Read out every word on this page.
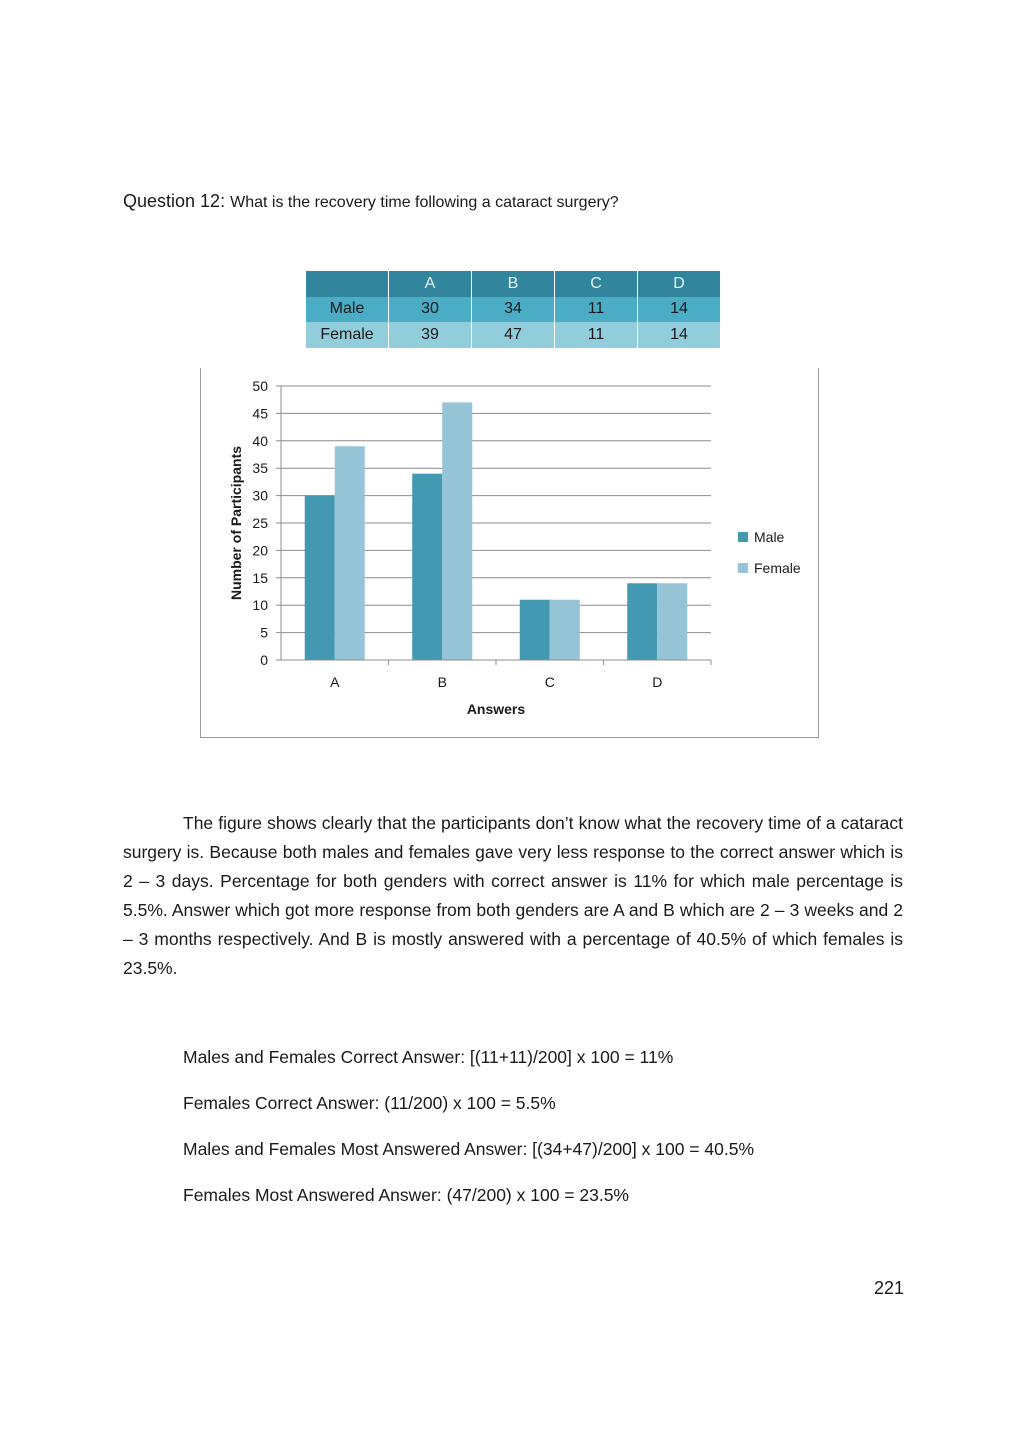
Question 12: What is the recovery time following a cataract surgery?
	A	B	C	D
Male	30	34	11	14
Female	39	47	11	14
0
5
10
15
20
25
30
35
40
45
50
A	B	C	D
Answers
Number of Participants	Male
Female

The figure shows clearly that the participants don’t know what the recovery time of a cataract surgery is. Because both males and females gave very less response to the correct answer which is 2 – 3 days. Percentage for both genders with correct answer is 11% for which male percentage is 5.5%. Answer which got more response from both genders are A and B which are 2 – 3 weeks and 2 – 3 months respectively. And B is mostly answered with a percentage of 40.5% of which females is 23.5%.

Males and Females Correct Answer: [(11+11)/200] x 100 = 11%
Females Correct Answer: (11/200) x 100 = 5.5%
Males and Females Most Answered Answer: [(34+47)/200] x 100 = 40.5%
Females Most Answered Answer: (47/200) x 100 = 23.5%
221
